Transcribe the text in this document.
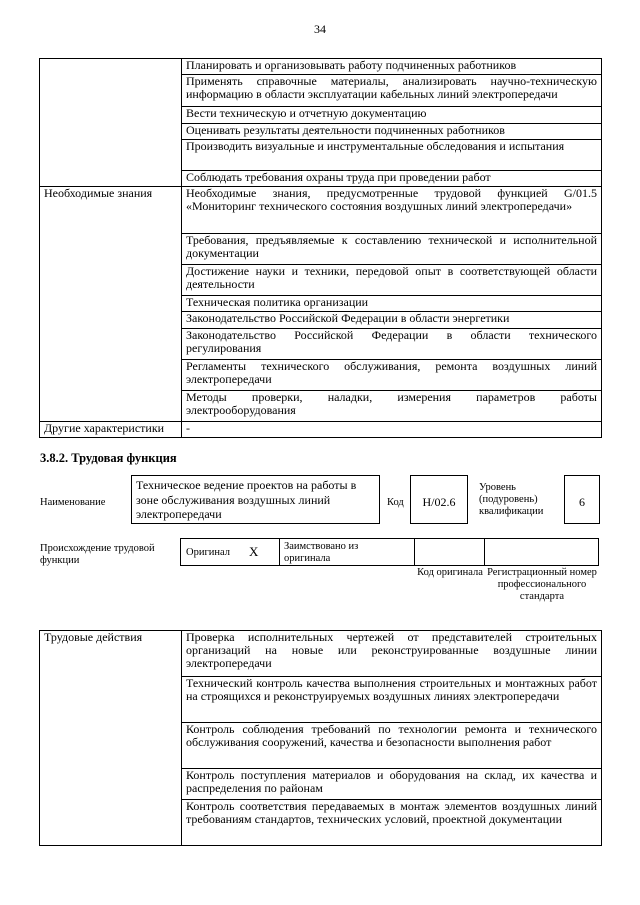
34
	Планировать и организовывать работу подчиненных работников
	Применять справочные материалы, анализировать научно-техническую информацию в области эксплуатации кабельных линий электропередачи
	Вести техническую и отчетную документацию
	Оценивать результаты деятельности подчиненных работников
	Производить визуальные и инструментальные обследования и испытания
	Соблюдать требования охраны труда при проведении работ
Необходимые знания	Необходимые знания, предусмотренные трудовой функцией G/01.5 «Мониторинг технического состояния воздушных линий электропередачи»
	Требования, предъявляемые к составлению технической и исполнительной документации
	Достижение науки и техники, передовой опыт в соответствующей области деятельности
	Техническая политика организации
	Законодательство Российской Федерации в области энергетики
	Законодательство Российской Федерации в области технического регулирования
	Регламенты технического обслуживания, ремонта воздушных линий электропередачи
	Методы проверки, наладки, измерения параметров работы электрооборудования
Другие характеристики	-
3.8.2. Трудовая функция
Наименование
Техническое ведение проектов на работы в зоне обслуживания воздушных линий электропередачи
Код	H/02.6
Уровень (подуровень) квалификации
6
Происхождение трудовой функции
Оригинал X Заимствовано из оригинала
Код оригинала Регистрационный номер профессионального стандарта
Трудовые действия	Проверка исполнительных чертежей от представителей строительных организаций на новые или реконструированные воздушные линии электропередачи
Технический контроль качества выполнения строительных и монтажных работ на строящихся и реконструируемых воздушных линиях электропередачи
Контроль соблюдения требований по технологии ремонта и технического обслуживания сооружений, качества и безопасности выполнения работ
Контроль поступления материалов и оборудования на склад, их качества и распределения по районам
Контроль соответствия передаваемых в монтаж элементов воздушных линий требованиям стандартов, технических условий, проектной документации
